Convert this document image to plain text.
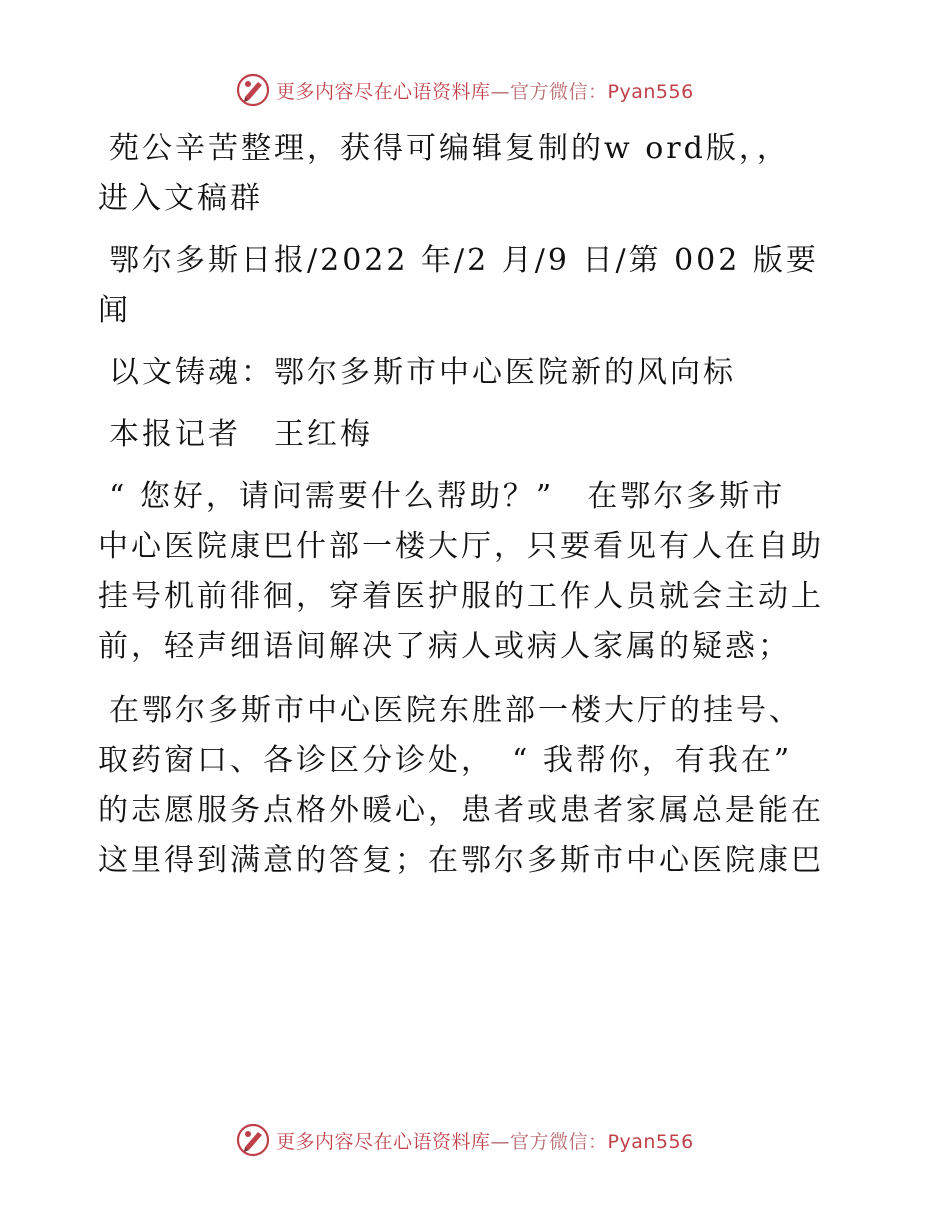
更多内容尽在心语资料库—官方微信：Pyan556

苑公辛苦整理，获得可编辑复制的w ord版，，

进入文稿群

鄂尔多斯日报/2022 年/2 月/9 日/第 002 版要

闻

以文铸魂：鄂尔多斯市中心医院新的风向标

本报记者　王红梅

“ 您好，请问需要什么帮助？”　在鄂尔多斯市

中心医院康巴什部一楼大厅，只要看见有人在自助

挂号机前徘徊，穿着医护服的工作人员就会主动上

前，轻声细语间解决了病人或病人家属的疑惑；

在鄂尔多斯市中心医院东胜部一楼大厅的挂号、

取药窗口、各诊区分诊处，　“ 我帮你，有我在”

的志愿服务点格外暖心，患者或患者家属总是能在

这里得到满意的答复；在鄂尔多斯市中心医院康巴

更多内容尽在心语资料库—官方微信：Pyan556
